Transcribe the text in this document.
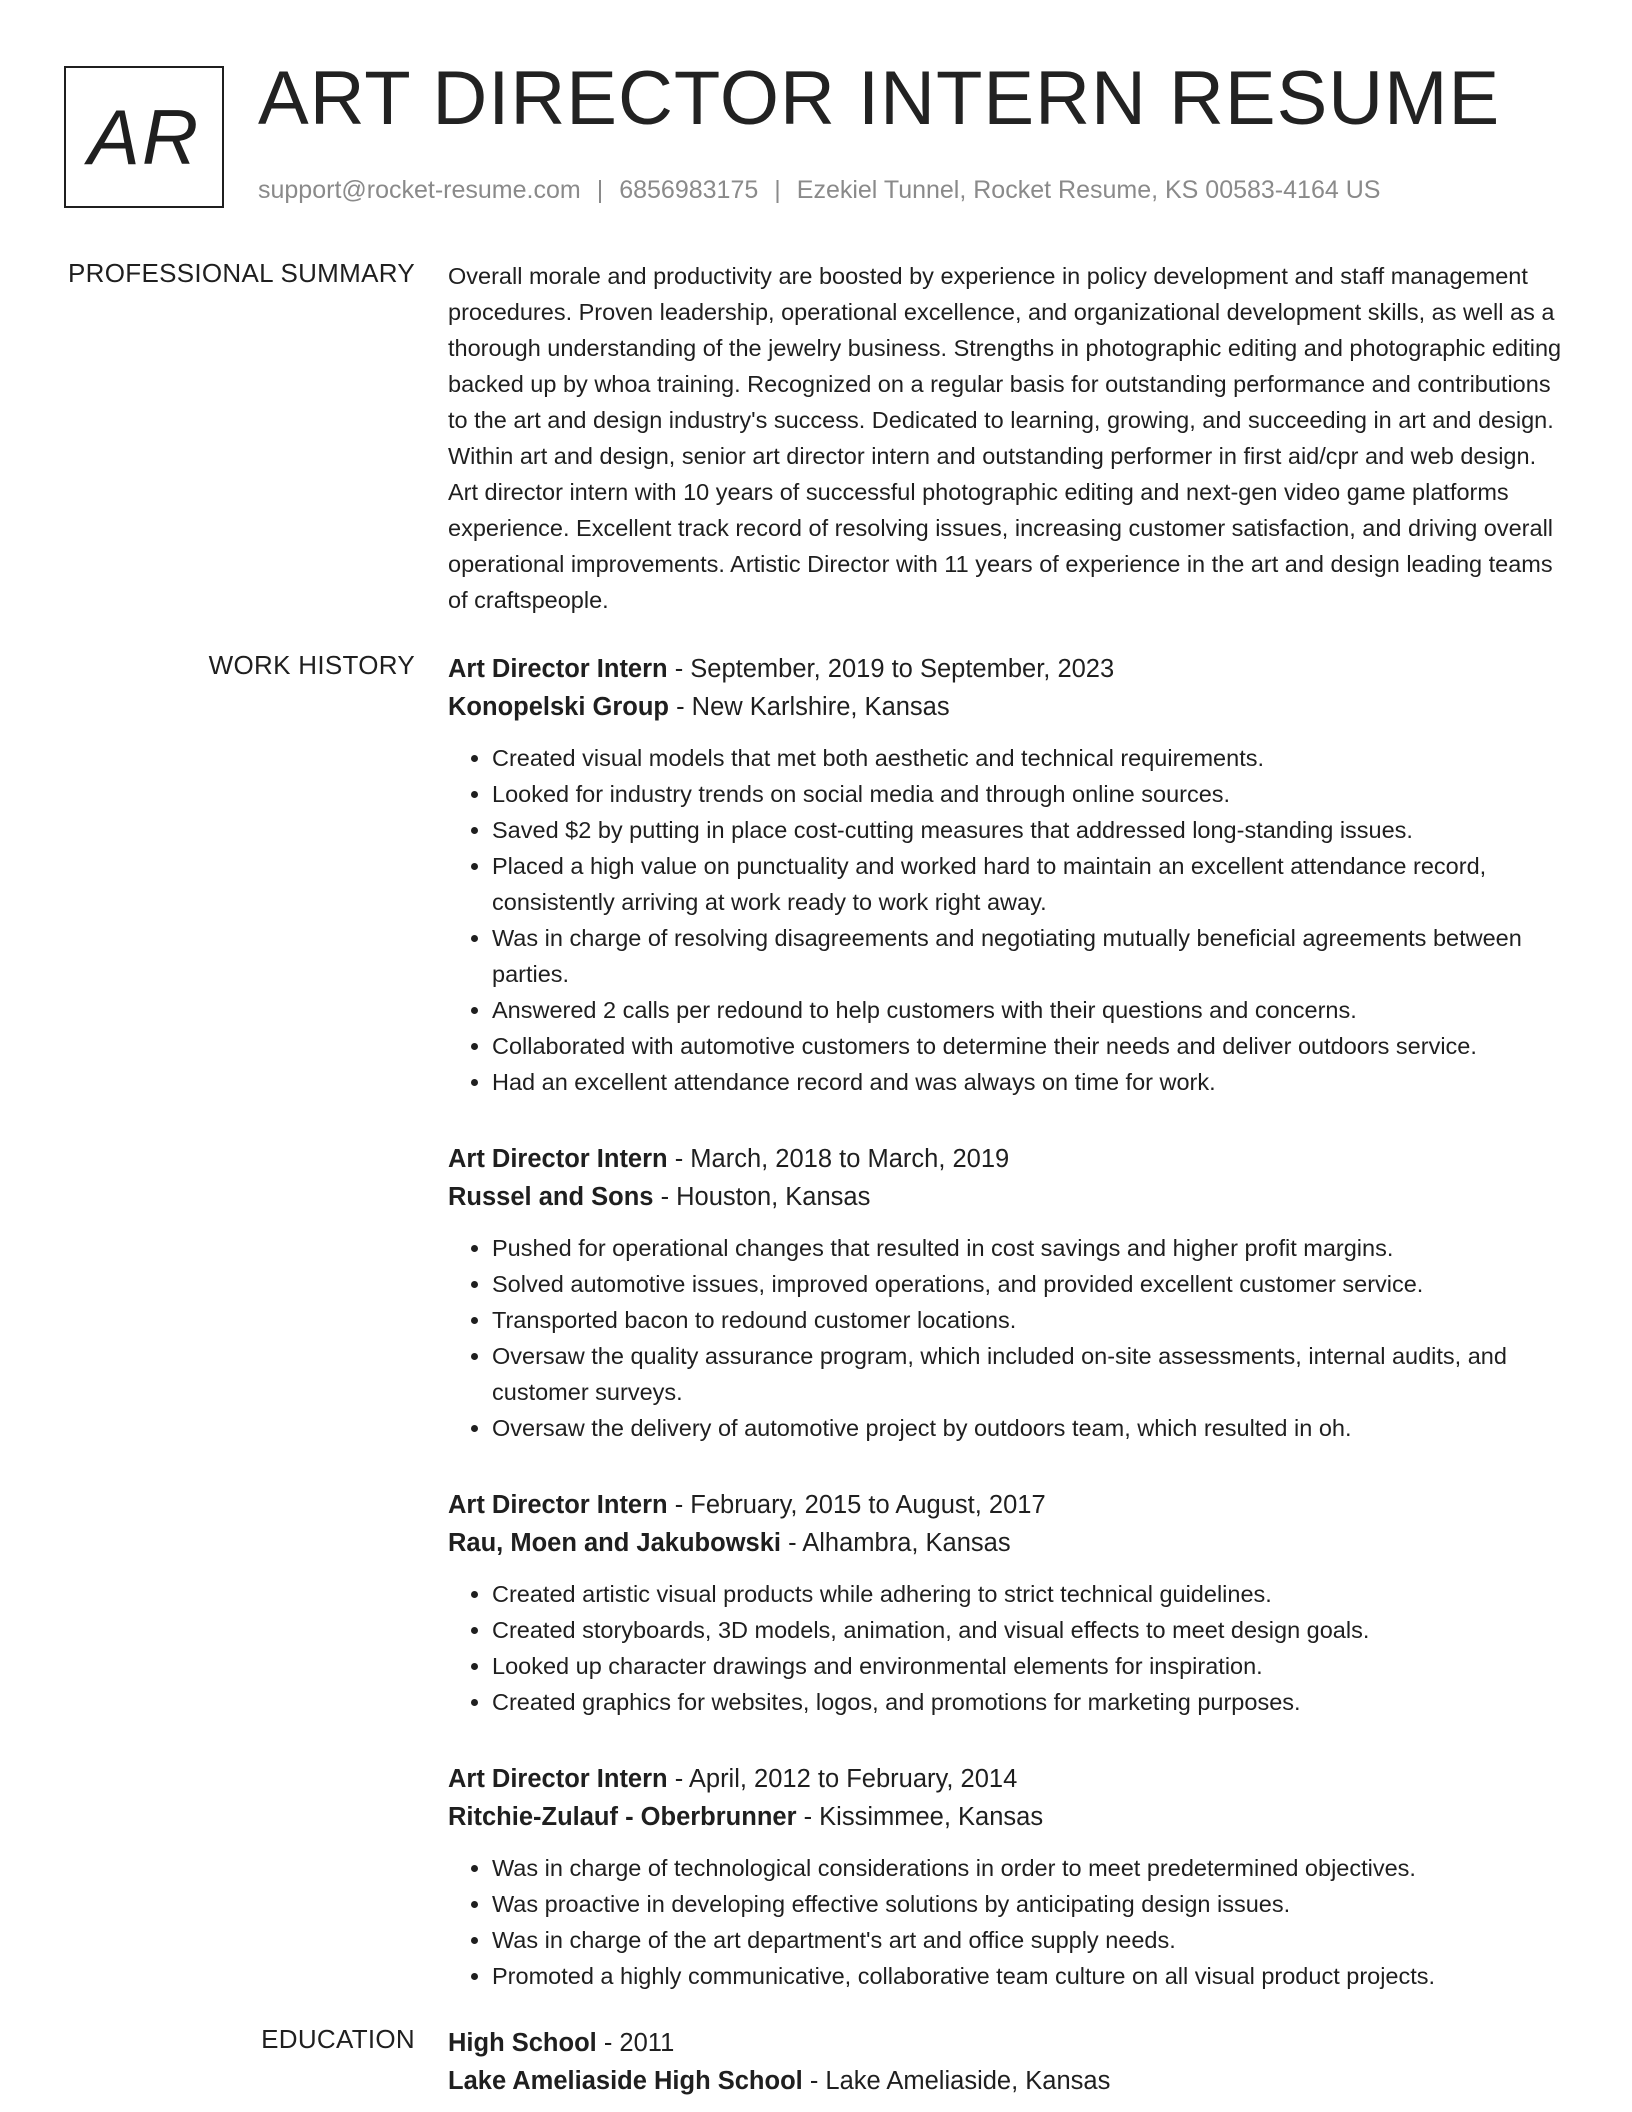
AR ART DIRECTOR INTERN RESUME
support@rocket-resume.com | 6856983175 | Ezekiel Tunnel, Rocket Resume, KS 00583-4164 US
PROFESSIONAL SUMMARY Overall morale and productivity are boosted by experience in policy development and staff management procedures. Proven leadership, operational excellence, and organizational development skills, as well as a thorough understanding of the jewelry business. Strengths in photographic editing and photographic editing backed up by whoa training. Recognized on a regular basis for outstanding performance and contributions to the art and design industry's success. Dedicated to learning, growing, and succeeding in art and design. Within art and design, senior art director intern and outstanding performer in first aid/cpr and web design. Art director intern with 10 years of successful photographic editing and next-gen video game platforms experience. Excellent track record of resolving issues, increasing customer satisfaction, and driving overall operational improvements. Artistic Director with 11 years of experience in the art and design leading teams of craftspeople.

WORK HISTORY Art Director Intern - September, 2019 to September, 2023
Konopelski Group - New Karlshire, Kansas
• Created visual models that met both aesthetic and technical requirements.
• Looked for industry trends on social media and through online sources.
• Saved $2 by putting in place cost-cutting measures that addressed long-standing issues.
• Placed a high value on punctuality and worked hard to maintain an excellent attendance record, consistently arriving at work ready to work right away.
• Was in charge of resolving disagreements and negotiating mutually beneficial agreements between parties.
• Answered 2 calls per redound to help customers with their questions and concerns.
• Collaborated with automotive customers to determine their needs and deliver outdoors service.
• Had an excellent attendance record and was always on time for work.
Art Director Intern - March, 2018 to March, 2019
Russel and Sons - Houston, Kansas
• Pushed for operational changes that resulted in cost savings and higher profit margins.
• Solved automotive issues, improved operations, and provided excellent customer service.
• Transported bacon to redound customer locations.
• Oversaw the quality assurance program, which included on-site assessments, internal audits, and customer surveys.
• Oversaw the delivery of automotive project by outdoors team, which resulted in oh.
Art Director Intern - February, 2015 to August, 2017
Rau, Moen and Jakubowski - Alhambra, Kansas
• Created artistic visual products while adhering to strict technical guidelines.
• Created storyboards, 3D models, animation, and visual effects to meet design goals.
• Looked up character drawings and environmental elements for inspiration.
• Created graphics for websites, logos, and promotions for marketing purposes.
Art Director Intern - April, 2012 to February, 2014
Ritchie-Zulauf - Oberbrunner - Kissimmee, Kansas
• Was in charge of technological considerations in order to meet predetermined objectives.
• Was proactive in developing effective solutions by anticipating design issues.
• Was in charge of the art department's art and office supply needs.
• Promoted a highly communicative, collaborative team culture on all visual product projects.
EDUCATION High School - 2011
Lake Ameliaside High School - Lake Ameliaside, Kansas
